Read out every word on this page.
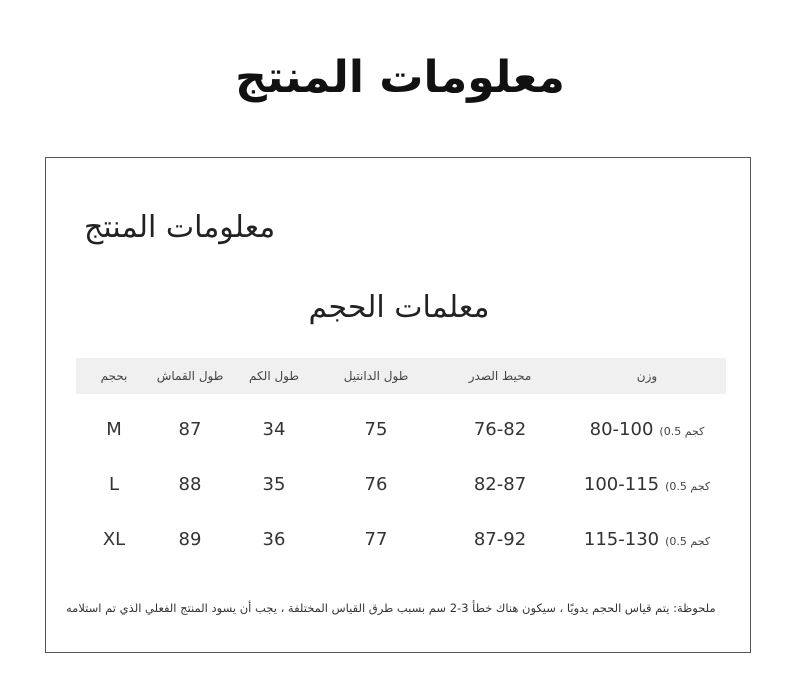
معلومات المنتج
معلومات المنتج
معلمات الحجم
بحجم	طول القماش	طول الكم	طول الدانتيل	محيط الصدر	وزن
M	87	34	75	76-82	80-100 (كجم 0.5
L	88	35	76	82-87	100-115 (كجم 0.5
XL	89	36	77	87-92	115-130 (كجم 0.5
ملحوظة: يتم قياس الحجم يدويًا ، سيكون هناك خطأ 3-2 سم بسبب طرق القياس المختلفة ، يجب أن يسود المنتج الفعلي الذي تم استلامه
